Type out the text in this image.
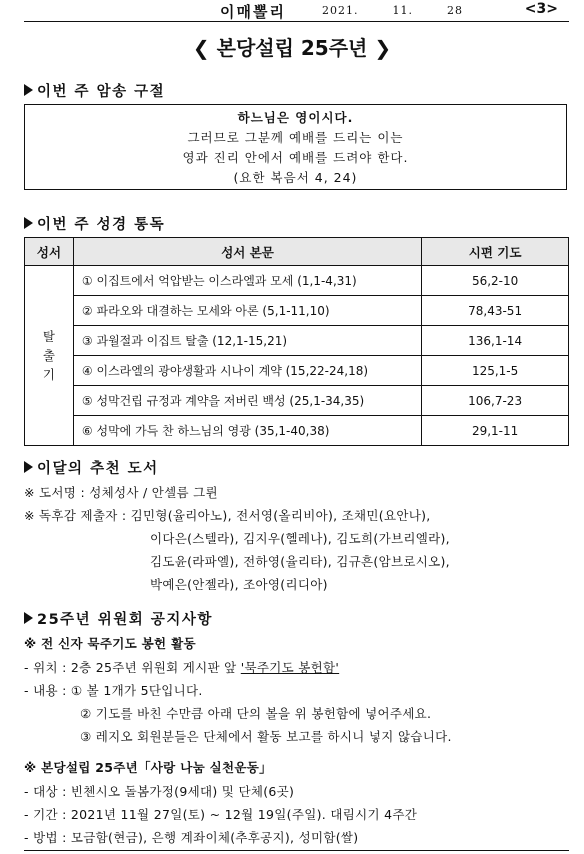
이매뽈리	2021.	11.	28	<3>
❮ 본당설립 25주년 ❯
이번 주 암송 구절
하느님은 영이시다.
그러므로 그분께 예배를 드리는 이는
영과 진리 안에서 예배를 드려야 한다.
(요한 복음서 4, 24)
이번 주 성경 통독
성서	성서 본문	시편 기도

탈
출
기	① 이집트에서 억압받는 이스라엘과 모세 (1,1-4,31)	56,2-10
	② 파라오와 대결하는 모세와 아론 (5,1-11,10)	78,43-51
	③ 과월절과 이집트 탈출 (12,1-15,21)	136,1-14
	④ 이스라엘의 광야생활과 시나이 계약 (15,22-24,18)	125,1-5
	⑤ 성막건립 규정과 계약을 저버린 백성 (25,1-34,35)	106,7-23
	⑥ 성막에 가득 찬 하느님의 영광 (35,1-40,38)	29,1-11
이달의 추천 도서
※ 도서명 : 성체성사 / 안셀름 그륀
※ 독후감 제출자 : 김민형(율리아노), 전서영(올리비아), 조채민(요안나),
이다은(스텔라), 김지우(헬레나), 김도희(가브리엘라),
김도윤(라파엘), 전하영(율리타), 김규흔(암브로시오),
박예은(안젤라), 조아영(리디아)
25주년 위원회 공지사항
※ 전 신자 묵주기도 봉헌 활동
- 위치 : 2층 25주년 위원회 게시판 앞 '묵주기도 봉헌함'
- 내용 : ① 볼 1개가 5단입니다.
② 기도를 바친 수만큼 아래 단의 볼을 위 봉헌함에 넣어주세요.
③ 레지오 회원분들은 단체에서 활동 보고를 하시니 넣지 않습니다.
※ 본당설립 25주년「사랑 나눔 실천운동」
- 대상 : 빈첸시오 돌봄가정(9세대) 및 단체(6곳)
- 기간 : 2021년 11월 27일(토) ~ 12월 19일(주일). 대림시기 4주간
- 방법 : 모금함(현금), 은행 계좌이체(추후공지), 성미함(쌀)
